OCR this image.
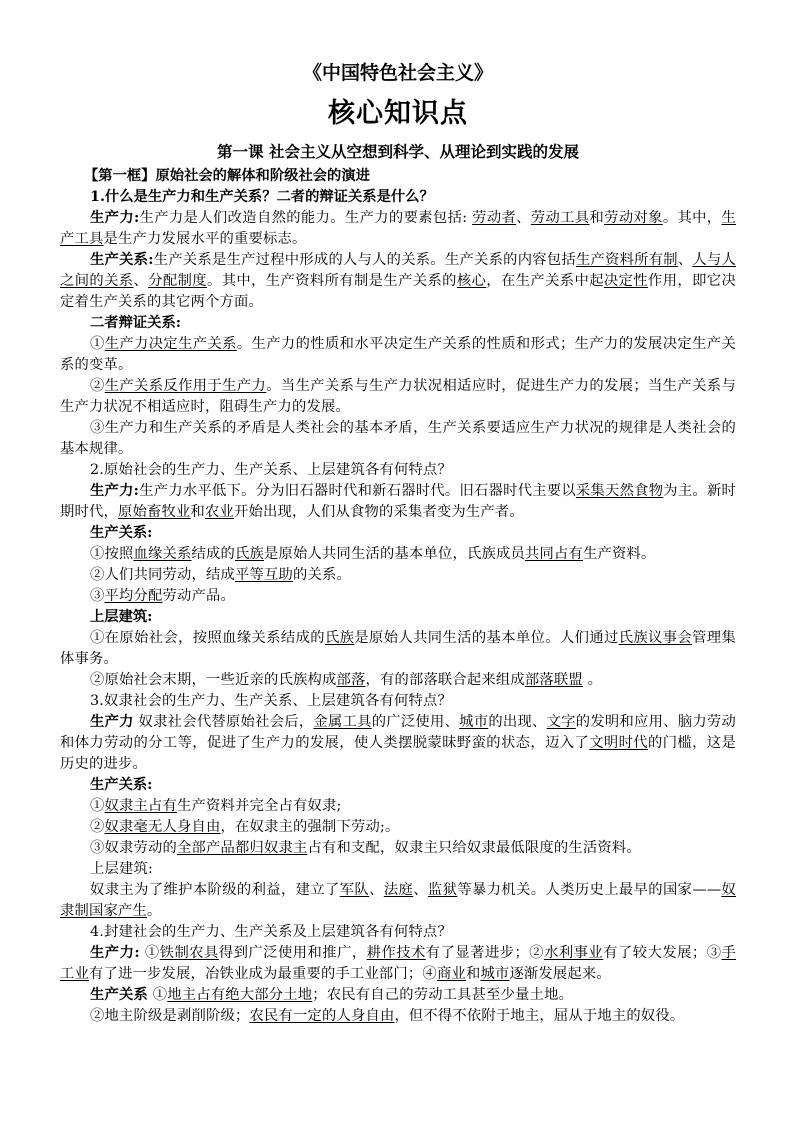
《中国特色社会主义》
核心知识点
第一课 社会主义从空想到科学、从理论到实践的发展
【第一框】原始社会的解体和阶级社会的演进
1.什么是生产力和生产关系？二者的辩证关系是什么？
生产力:生产力是人们改造自然的能力。生产力的要素包括: 劳动者、劳动工具和劳动对象。其中，生产工具是生产力发展水平的重要标志。
生产关系:生产关系是生产过程中形成的人与人的关系。生产关系的内容包括生产资料所有制、人与人之间的关系、分配制度。其中，生产资料所有制是生产关系的核心，在生产关系中起决定性作用，即它决定着生产关系的其它两个方面。
二者辩证关系:
①生产力决定生产关系。生产力的性质和水平决定生产关系的性质和形式；生产力的发展决定生产关系的变革。
②生产关系反作用于生产力。当生产关系与生产力状况相适应时，促进生产力的发展；当生产关系与生产力状况不相适应时，阻碍生产力的发展。
③生产力和生产关系的矛盾是人类社会的基本矛盾，生产关系要适应生产力状况的规律是人类社会的基本规律。
2.原始社会的生产力、生产关系、上层建筑各有何特点？
生产力:生产力水平低下。分为旧石器时代和新石器时代。旧石器时代主要以采集天然食物为主。新时期时代，原始畜牧业和农业开始出现，人们从食物的采集者变为生产者。
生产关系:
①按照血缘关系结成的氏族是原始人共同生活的基本单位，氏族成员共同占有生产资料。
②人们共同劳动，结成平等互助的关系。
③平均分配劳动产品。
上层建筑:
①在原始社会，按照血缘关系结成的氏族是原始人共同生活的基本单位。人们通过氏族议事会管理集体事务。
②原始社会末期，一些近亲的氏族构成部落，有的部落联合起来组成部落联盟 。
3.奴隶社会的生产力、生产关系、上层建筑各有何特点？
生产力 奴隶社会代替原始社会后，金属工具的广泛使用、城市的出现、文字的发明和应用、脑力劳动和体力劳动的分工等，促进了生产力的发展，使人类摆脱蒙昧野蛮的状态，迈入了文明时代的门槛，这是历史的进步。
生产关系:
①奴隶主占有生产资料并完全占有奴隶;
②奴隶毫无人身自由，在奴隶主的强制下劳动;。
③奴隶劳动的全部产品都归奴隶主占有和支配，奴隶主只给奴隶最低限度的生活资料。
上层建筑:
奴隶主为了维护本阶级的利益，建立了军队、法庭、监狱等暴力机关。人类历史上最早的国家——奴隶制国家产生。
4.封建社会的生产力、生产关系及上层建筑各有何特点？
生产力: ①铁制农具得到广泛使用和推广，耕作技术有了显著进步；②水利事业有了较大发展；③手工业有了进一步发展，冶铁业成为最重要的手工业部门；④商业和城市逐渐发展起来。
生产关系 ①地主占有绝大部分土地；农民有自己的劳动工具甚至少量土地。
②地主阶级是剥削阶级；农民有一定的人身自由，但不得不依附于地主，屈从于地主的奴役。
